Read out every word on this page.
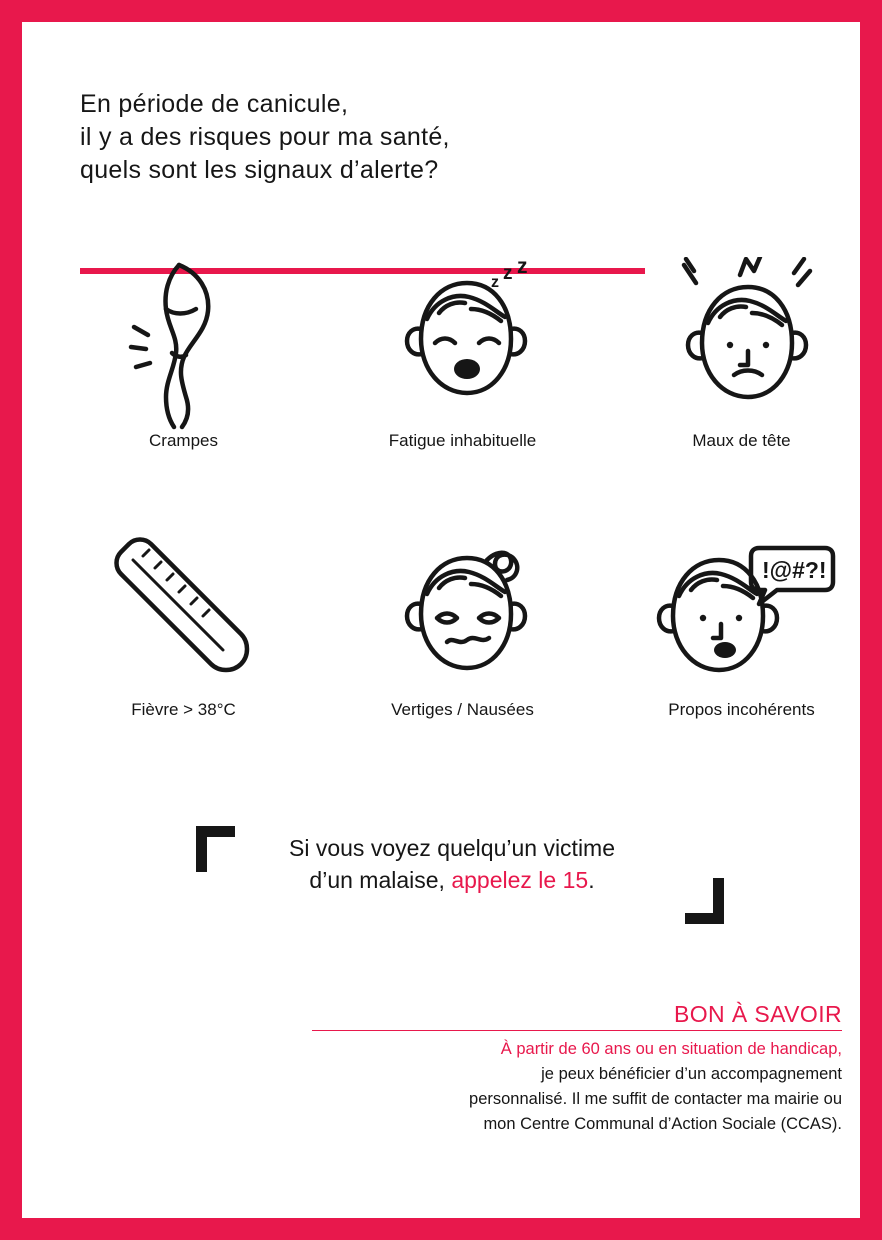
En période de canicule,
il y a des risques pour ma santé,
quels sont les signaux d’alerte?
Crampes
z z z
Fatigue inhabituelle	Maux de tête
Fièvre > 38°C	Vertiges / Nausées
!@#?!
Propos incohérents
Si vous voyez quelqu’un victime
d’un malaise, appelez le 15.
BON À SAVOIR
À partir de 60 ans ou en situation de handicap,
je peux bénéficier d’un accompagnement
personnalisé. Il me suffit de contacter ma mairie ou
mon Centre Communal d’Action Sociale (CCAS).
